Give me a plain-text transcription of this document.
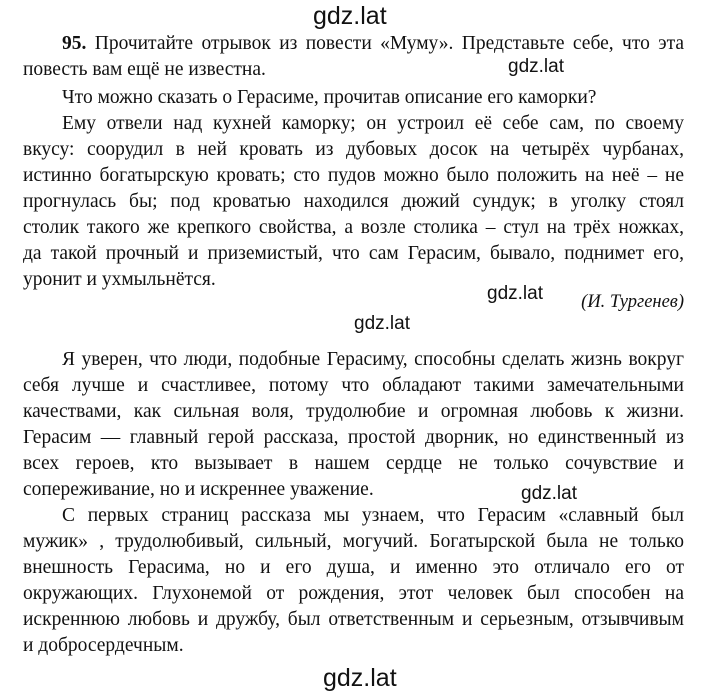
gdz.lat
gdz.lat
gdz.lat
gdz.lat
gdz.lat
gdz.lat
95. Прочитайте отрывок из повести «Муму». Представьте себе, что эта
повесть вам ещё не известна.
Что можно сказать о Герасиме, прочитав описание его каморки?
Ему отвели над кухней каморку; он устроил её себе сам, по своему
вкусу: соорудил в ней кровать из дубовых досок на четырёх чурбанах,
истинно богатырскую кровать; сто пудов можно было положить на неё – не
прогнулась бы; под кроватью находился дюжий сундук; в уголку стоял
столик такого же крепкого свойства, а возле столика – стул на трёх ножках,
да такой прочный и приземистый, что сам Герасим, бывало, поднимет его,
уронит и ухмыльнётся.
(И. Тургенев)
Я уверен, что люди, подобные Герасиму, способны сделать жизнь вокруг
себя лучше и счастливее, потому что обладают такими замечательными
качествами, как сильная воля, трудолюбие и огромная любовь к жизни.
Герасим — главный герой рассказа, простой дворник, но единственный из
всех героев, кто вызывает в нашем сердце не только сочувствие и
сопереживание, но и искреннее уважение.
С первых страниц рассказа мы узнаем, что Герасим «славный был
мужик» , трудолюбивый, сильный, могучий. Богатырской была не только
внешность Герасима, но и его душа, и именно это отличало его от
окружающих. Глухонемой от рождения, этот человек был способен на
искреннюю любовь и дружбу, был ответственным и серьезным, отзывчивым
и добросердечным.
